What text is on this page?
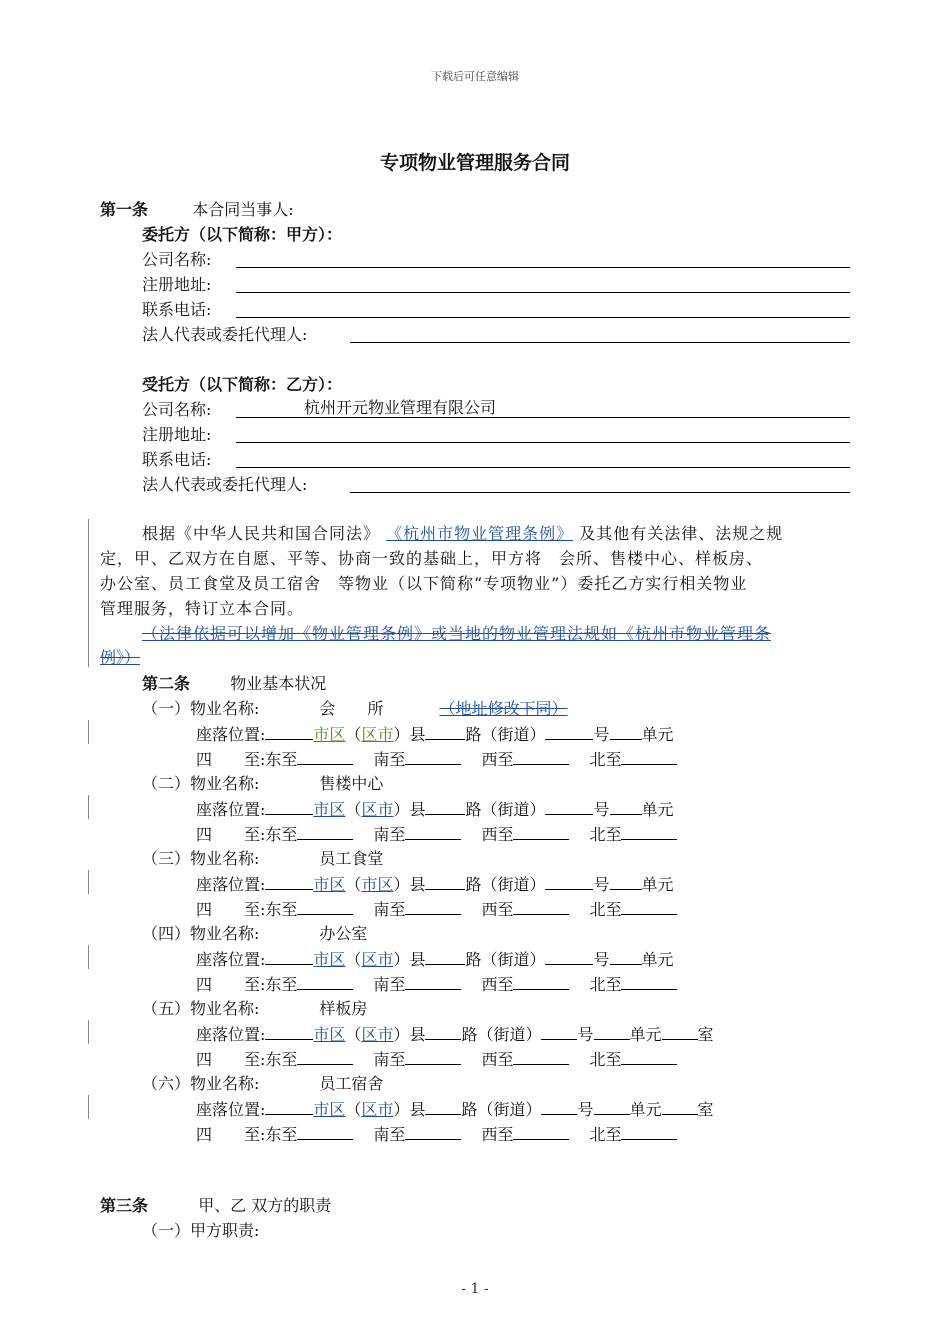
下载后可任意编辑
专项物业管理服务合同
第一条	本合同当事人:
委托方（以下简称：甲方）：
公司名称:
注册地址:
联系电话:
法人代表或委托代理人:
受托方（以下简称：乙方）：
公司名称:	杭州开元物业管理有限公司
注册地址:
联系电话:
法人代表或委托代理人:
根据《中华人民共和国合同法》 《杭州市物业管理条例》 及其他有关法律、法规之规
定，甲、乙双方在自愿、平等、协商一致的基础上，甲方将　会所、售楼中心、样板房、
办公室、员工食堂及员工宿舍　等物业（以下简称“专项物业”）委托乙方实行相关物业
管理服务，特订立本合同。
（法律依据可以增加《物业管理条例》或当地的物业管理法规如《杭州市物业管理条
例》）
第二条	物业基本状况
（一）物业名称:	会　　所	（地址修改下同）
座落位置:	市区（区市）县	路（街道）	号 单元
四　　至:东至	南至	西至	北至
（二）物业名称:	售楼中心
座落位置:	市区（区市）县	路（街道）	号 单元
四　　至:东至	南至	西至	北至
（三）物业名称:	员工食堂
座落位置:	市区（市区）县	路（街道）	号 单元
四　　至:东至	南至	西至	北至
（四）物业名称:	办公室
座落位置:	市区（区市）县	路（街道）	号 单元
四　　至:东至	南至	西至	北至
（五）物业名称:	样板房
座落位置:	市区（区市）县 路（街道） 号 单元 室
四　　至:东至	南至	西至	北至
（六）物业名称:	员工宿舍
座落位置:	市区（区市）县 路（街道） 号 单元 室
四　　至:东至	南至	西至	北至
第三条	甲、乙 双方的职责
（一）甲方职责:
- 1 -
